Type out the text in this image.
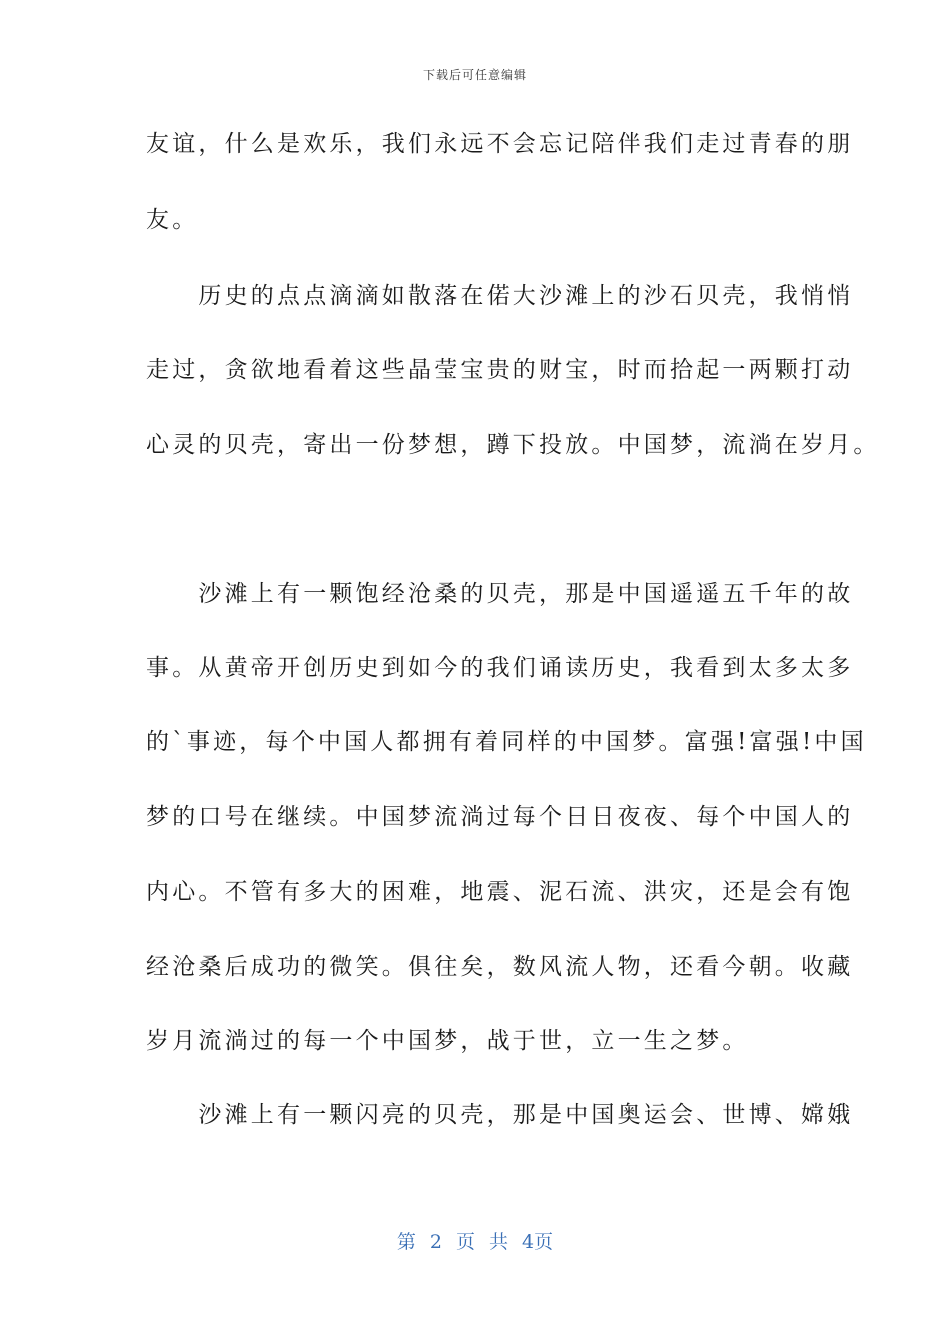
下载后可任意编辑
友谊，什么是欢乐，我们永远不会忘记陪伴我们走过青春的朋
友。
　　历史的点点滴滴如散落在偌大沙滩上的沙石贝壳，我悄悄
走过，贪欲地看着这些晶莹宝贵的财宝，时而拾起一两颗打动
心灵的贝壳，寄出一份梦想，蹲下投放。中国梦，流淌在岁月。
　　沙滩上有一颗饱经沧桑的贝壳，那是中国遥遥五千年的故
事。从黄帝开创历史到如今的我们诵读历史，我看到太多太多
的`事迹，每个中国人都拥有着同样的中国梦。富强!富强!中国
梦的口号在继续。中国梦流淌过每个日日夜夜、每个中国人的
内心。不管有多大的困难，地震、泥石流、洪灾，还是会有饱
经沧桑后成功的微笑。俱往矣，数风流人物，还看今朝。收藏
岁月流淌过的每一个中国梦，战于世，立一生之梦。
　　沙滩上有一颗闪亮的贝壳，那是中国奥运会、世博、嫦娥
第 2 页 共 4页
